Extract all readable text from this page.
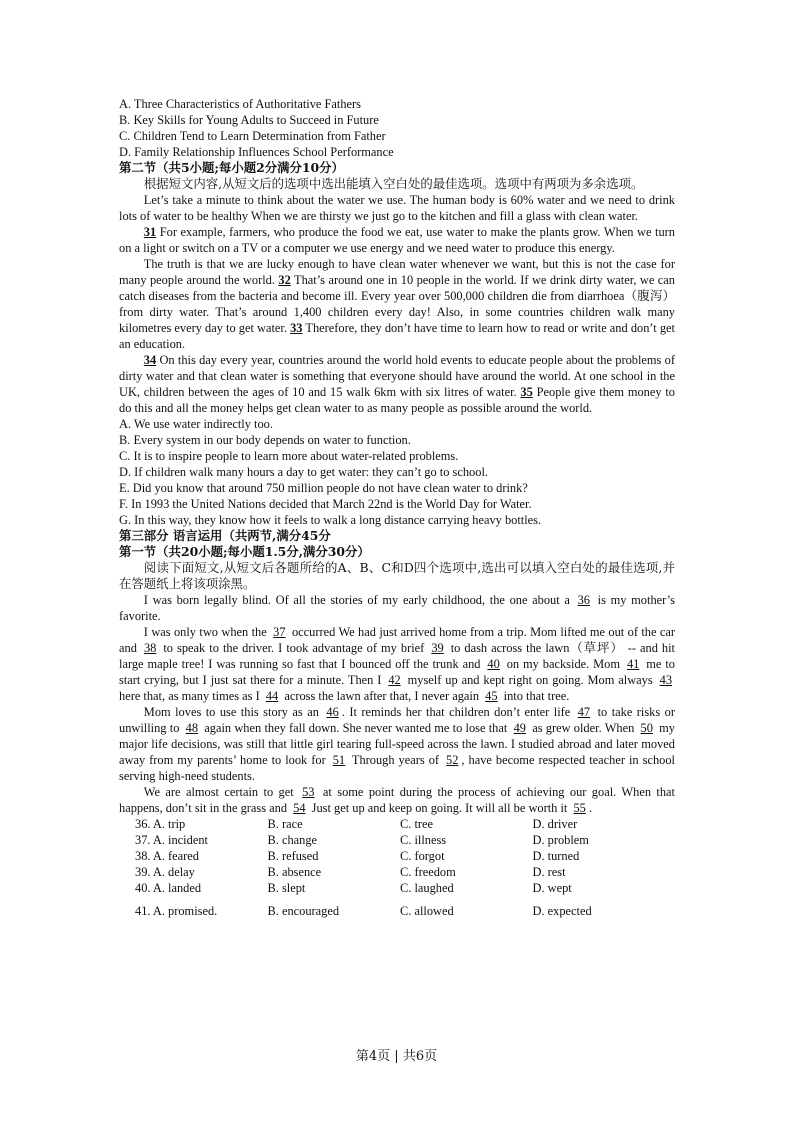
A. Three Characteristics of Authoritative Fathers

B. Key Skills for Young Adults to Succeed in Future

C. Children Tend to Learn Determination from Father

D. Family Relationship Influences School Performance

第二节（共5小题;每小题2分满分10分）

根据短文内容,从短文后的选项中选出能填入空白处的最佳选项。选项中有两项为多余选项。

Let’s take a minute to think about the water we use. The human body is 60% water and we need to drink lots of water to be healthy When we are thirsty we just go to the kitchen and fill a glass with clean water.

31 For example, farmers, who produce the food we eat, use water to make the plants grow. When we turn on a light or switch on a TV or a computer we use energy and we need water to produce this energy.

The truth is that we are lucky enough to have clean water whenever we want, but this is not the case for many people around the world. 32 That’s around one in 10 people in the world. If we drink dirty water, we can catch diseases from the bacteria and become ill. Every year over 500,000 children die from diarrhoea（腹泻） from dirty water. That’s around 1,400 children every day! Also, in some countries children walk many kilometres every day to get water. 33 Therefore, they don’t have time to learn how to read or write and don’t get an education.

34 On this day every year, countries around the world hold events to educate people about the problems of dirty water and that clean water is something that everyone should have around the world. At one school in the UK, children between the ages of 10 and 15 walk 6km with six litres of water. 35 People give them money to do this and all the money helps get clean water to as many people as possible around the world.

A. We use water indirectly too.

B. Every system in our body depends on water to function.

C. It is to inspire people to learn more about water-related problems.

D. If children walk many hours a day to get water: they can’t go to school.

E. Did you know that around 750 million people do not have clean water to drink?

F. In 1993 the United Nations decided that March 22nd is the World Day for Water.

G. In this way, they know how it feels to walk a long distance carrying heavy bottles.

第三部分 语言运用（共两节,满分45分

第一节（共20小题;每小题1.5分,满分30分）

阅读下面短文,从短文后各题所给的A、B、C和D四个选项中,选出可以填入空白处的最佳选项,并在答题纸上将该项涂黑。

I was born legally blind. Of all the stories of my early childhood, the one about a 36 is my mother’s favorite.

I was only two when the 37 occurred We had just arrived home from a trip. Mom lifted me out of the car and 38 to speak to the driver. I took advantage of my brief 39 to dash across the lawn（草坪） -- and hit large maple tree! I was running so fast that I bounced off the trunk and 40 on my backside. Mom 41 me to start crying, but I just sat there for a minute. Then I 42 myself up and kept right on going. Mom always 43 here that, as many times as I 44 across the lawn after that, I never again 45 into that tree.

Mom loves to use this story as an 46 . It reminds her that children don’t enter life 47 to take risks or unwilling to 48 again when they fall down. She never wanted me to lose that 49 as grew older. When 50 my major life decisions, was still that little girl tearing full-speed across the lawn. I studied abroad and later moved away from my parents’ home to look for 51 Through years of 52 , have become respected teacher in school serving high-need students.

We are almost certain to get 53 at some point during the process of achieving our goal. When that happens, don’t sit in the grass and 54 Just get up and keep on going. It will all be worth it 55 .

36. A. trip	B. race	C. tree	D. driver
37. A. incident	B. change	C. illness	D. problem
38. A. feared	B. refused	C. forgot	D. turned
39. A. delay	B. absence	C. freedom	D. rest
40. A. landed	B. slept	C. laughed	D. wept
41. A. promised.	B. encouraged	C. allowed	D. expected
第4页 | 共6页
